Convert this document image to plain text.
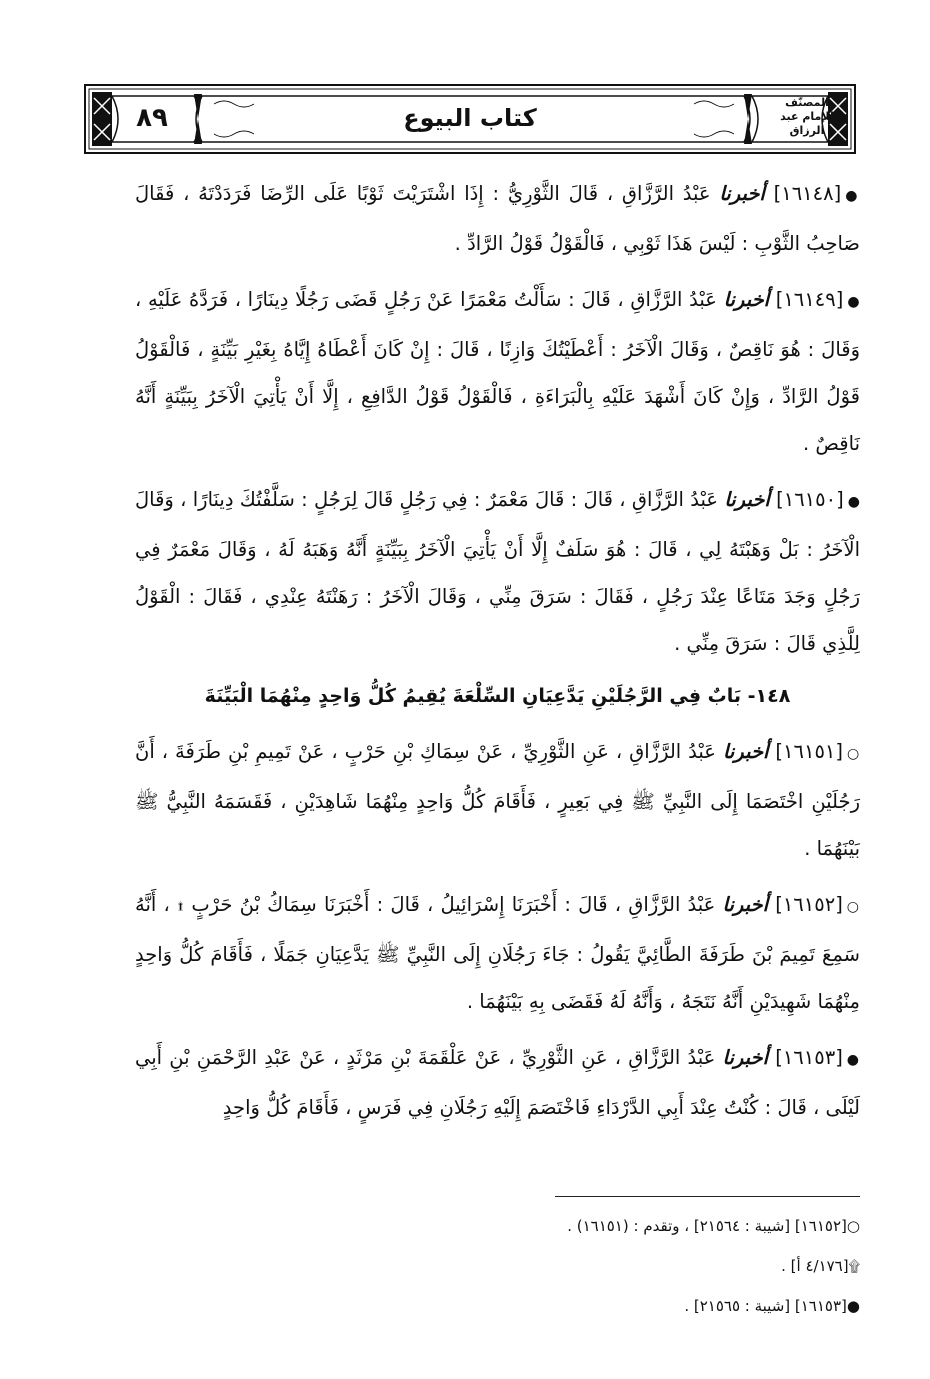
٨٩	كتاب البيوع
المصنّف للإمام عبد الرزاق

●[١٦١٤٨] أخبرنا عَبْدُ الرَّزَّاقِ ، قَالَ الثَّوْرِيُّ : إِذَا اشْتَرَيْتَ ثَوْبًا عَلَى الرِّضَا فَرَدَدْتَهُ ، فَقَالَ صَاحِبُ الثَّوْبِ : لَيْسَ هَذَا ثَوْبِي ، فَالْقَوْلُ قَوْلُ الرَّادِّ .

●[١٦١٤٩] أخبرنا عَبْدُ الرَّزَّاقِ ، قَالَ : سَأَلْتُ مَعْمَرًا عَنْ رَجُلٍ قَضَى رَجُلًا دِينَارًا ، فَرَدَّهُ عَلَيْهِ ، وَقَالَ : هُوَ نَاقِصٌ ، وَقَالَ الْآخَرُ : أَعْطَيْتُكَ وَازِنًا ، قَالَ : إِنْ كَانَ أَعْطَاهُ إِيَّاهُ بِغَيْرِ بَيِّنَةٍ ، فَالْقَوْلُ قَوْلُ الرَّادِّ ، وَإِنْ كَانَ أَشْهَدَ عَلَيْهِ بِالْبَرَاءَةِ ، فَالْقَوْلُ قَوْلُ الدَّافِعِ ، إِلَّا أَنْ يَأْتِيَ الْآخَرُ بِبَيِّنَةٍ أَنَّهُ نَاقِصٌ .

●[١٦١٥٠] أخبرنا عَبْدُ الرَّزَّاقِ ، قَالَ : قَالَ مَعْمَرٌ : فِي رَجُلٍ قَالَ لِرَجُلٍ : سَلَّفْتُكَ دِينَارًا ، وَقَالَ الْآخَرُ : بَلْ وَهَبْتَهُ لِي ، قَالَ : هُوَ سَلَفٌ إِلَّا أَنْ يَأْتِيَ الْآخَرُ بِبَيِّنَةٍ أَنَّهُ وَهَبَهُ لَهُ ، وَقَالَ مَعْمَرٌ فِي رَجُلٍ وَجَدَ مَتَاعًا عِنْدَ رَجُلٍ ، فَقَالَ : سَرَقَ مِنِّي ، وَقَالَ الْآخَرُ : رَهَنْتَهُ عِنْدِي ، فَقَالَ : الْقَوْلُ لِلَّذِي قَالَ : سَرَقَ مِنِّي .

١٤٨- بَابٌ فِي الرَّجُلَيْنِ يَدَّعِيَانِ السِّلْعَةَ يُقِيمُ كُلُّ وَاحِدٍ مِنْهُمَا الْبَيِّنَةَ

○[١٦١٥١] أخبرنا عَبْدُ الرَّزَّاقِ ، عَنِ الثَّوْرِيِّ ، عَنْ سِمَاكِ بْنِ حَرْبٍ ، عَنْ تَمِيمِ بْنِ طَرَفَةَ ، أَنَّ رَجُلَيْنِ اخْتَصَمَا إِلَى النَّبِيِّ ﷺ فِي بَعِيرٍ ، فَأَقَامَ كُلُّ وَاحِدٍ مِنْهُمَا شَاهِدَيْنِ ، فَقَسَمَهُ النَّبِيُّ ﷺ بَيْنَهُمَا .

○[١٦١٥٢] أخبرنا عَبْدُ الرَّزَّاقِ ، قَالَ : أَخْبَرَنَا إِسْرَائِيلُ ، قَالَ : أَخْبَرَنَا سِمَاكُ بْنُ حَرْبٍ ۩ ، أَنَّهُ سَمِعَ تَمِيمَ بْنَ طَرَفَةَ الطَّائِيَّ يَقُولُ : جَاءَ رَجُلَانِ إِلَى النَّبِيِّ ﷺ يَدَّعِيَانِ جَمَلًا ، فَأَقَامَ كُلُّ وَاحِدٍ مِنْهُمَا شَهِيدَيْنِ أَنَّهُ نَتَجَهُ ، وَأَنَّهُ لَهُ فَقَضَى بِهِ بَيْنَهُمَا .

●[١٦١٥٣] أخبرنا عَبْدُ الرَّزَّاقِ ، عَنِ الثَّوْرِيِّ ، عَنْ عَلْقَمَةَ بْنِ مَرْثَدٍ ، عَنْ عَبْدِ الرَّحْمَنِ بْنِ أَبِي لَيْلَى ، قَالَ : كُنْتُ عِنْدَ أَبِي الدَّرْدَاءِ فَاخْتَصَمَ إِلَيْهِ رَجُلَانِ فِي فَرَسٍ ، فَأَقَامَ كُلُّ وَاحِدٍ

○[١٦١٥٢] [شيبة : ٢١٥٦٤] ، وتقدم : (١٦١٥١) .

۩[٤/١٧٦ أ] .

●[١٦١٥٣] [شيبة : ٢١٥٦٥] .
